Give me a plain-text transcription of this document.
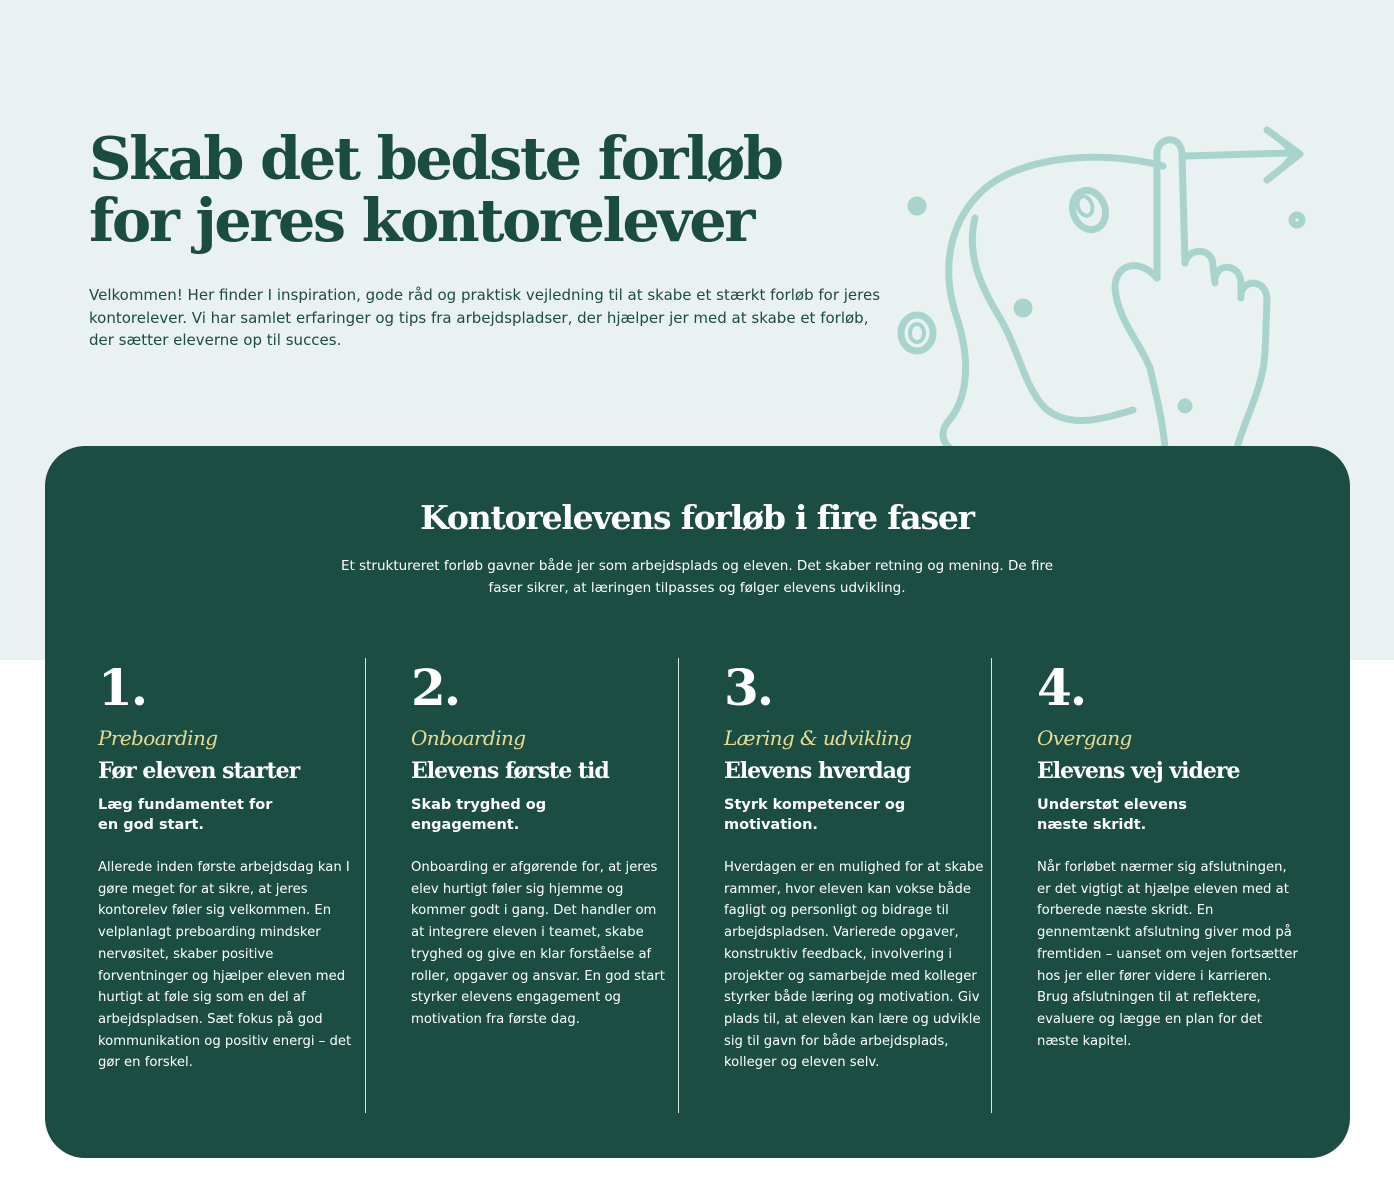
Skab det bedste forløb
for jeres kontorelever

Velkommen! Her finder I inspiration, gode råd og praktisk vejledning til at skabe et stærkt forløb for jeres kontorelever. Vi har samlet erfaringer og tips fra arbejdspladser, der hjælper jer med at skabe et forløb, der sætter eleverne op til succes.

Kontorelevens forløb i fire faser

Et struktureret forløb gavner både jer som arbejdsplads og eleven. Det skaber retning og mening. De fire faser sikrer, at læringen tilpasses og følger elevens udvikling.

1.
Preboarding
Før eleven starter
Læg fundamentet for en god start.
Allerede inden første arbejdsdag kan I gøre meget for at sikre, at jeres kontorelev føler sig velkommen. En velplanlagt preboarding mindsker nervøsitet, skaber positive forventninger og hjælper eleven med hurtigt at føle sig som en del af arbejdspladsen. Sæt fokus på god kommunikation og positiv energi – det gør en forskel.
2.
Onboarding
Elevens første tid
Skab tryghed og engagement.
Onboarding er afgørende for, at jeres elev hurtigt føler sig hjemme og kommer godt i gang. Det handler om at integrere eleven i teamet, skabe tryghed og give en klar forståelse af roller, opgaver og ansvar. En god start styrker elevens engagement og motivation fra første dag.
3.
Læring & udvikling
Elevens hverdag
Styrk kompetencer og motivation.
Hverdagen er en mulighed for at skabe rammer, hvor eleven kan vokse både fagligt og personligt og bidrage til arbejdspladsen. Varierede opgaver, konstruktiv feedback, involvering i projekter og samarbejde med kolleger styrker både læring og motivation. Giv plads til, at eleven kan lære og udvikle sig til gavn for både arbejdsplads, kolleger og eleven selv.
4.
Overgang
Elevens vej videre
Understøt elevens næste skridt.
Når forløbet nærmer sig afslutningen, er det vigtigt at hjælpe eleven med at forberede næste skridt. En gennemtænkt afslutning giver mod på fremtiden – uanset om vejen fortsætter hos jer eller fører videre i karrieren. Brug afslutningen til at reflektere, evaluere og lægge en plan for det næste kapitel.
